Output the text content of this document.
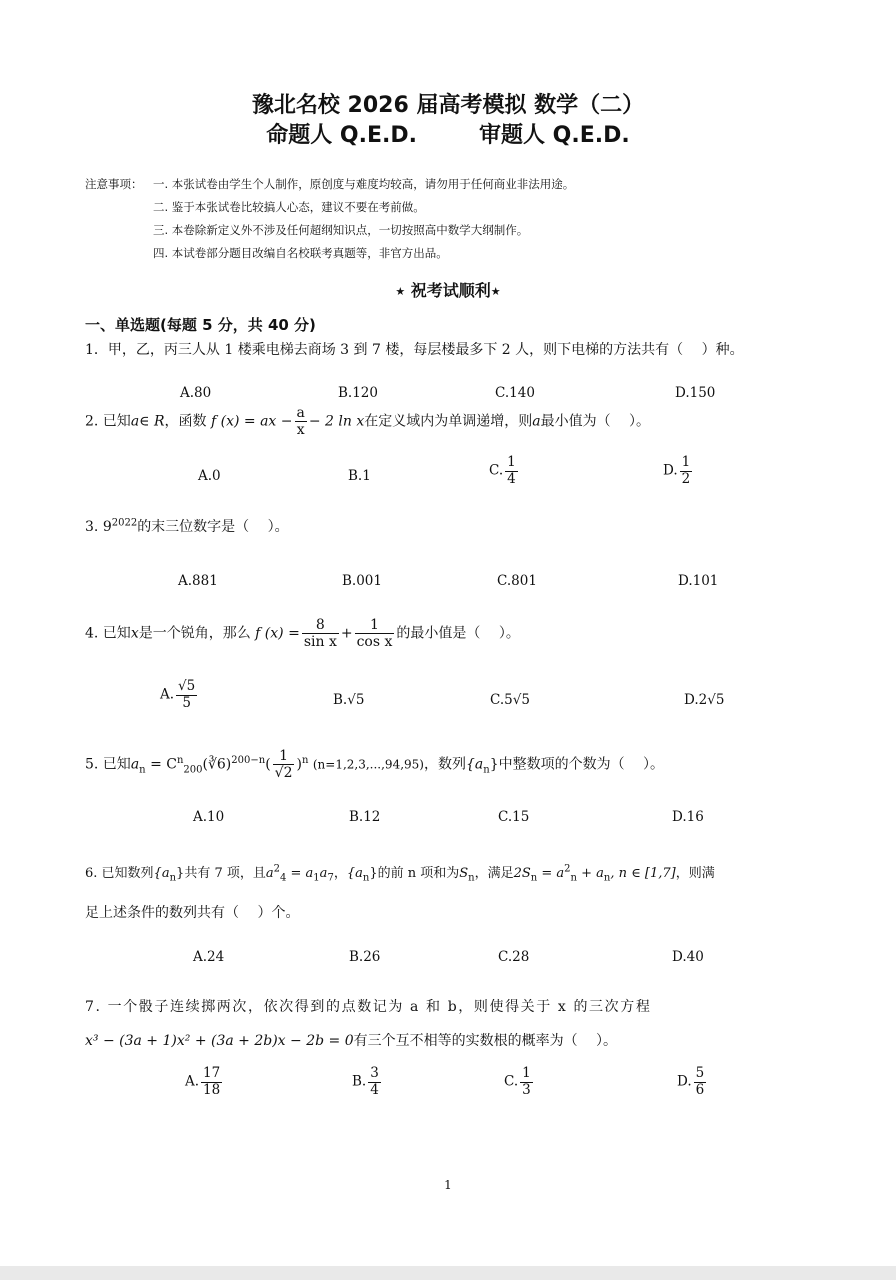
豫北名校 2026 届高考模拟 数学（二）
命题人 Q.E.D.	审题人 Q.E.D.
注意事项： 一. 本张试卷由学生个人制作，原创度与难度均较高，请勿用于任何商业非法用途。
二. 鉴于本张试卷比较搞人心态，建议不要在考前做。
三. 本卷除新定义外不涉及任何超纲知识点，一切按照高中数学大纲制作。
四. 本试卷部分题目改编自名校联考真题等，非官方出品。
★ 祝考试顺利★
一、单选题(每题 5 分，共 40 分)
1．甲，乙，丙三人从 1 楼乘电梯去商场 3 到 7 楼，每层楼最多下 2 人，则下电梯的方法共有（　 ）种。
A.80	B.120	C.140	D.150
2. 已知a∈ R，函数 f (x) = ax − $\frac{a}{x} - 2$ ln x在定义域内为单调递增，则a最小值为（　 ）。
A.0	B.1	C. $\frac{1}{4}$	D. $\frac{1}{2}$
3. $9^{2022}$的末三位数字是（　 ）。
A.881	B.001	C.801	D.101
4. 已知x是一个锐角，那么 f $(x) = \frac{8}{\text{sin x}} + \frac{1}{\text{cos x}}$ 的最小值是（　 ）。
A. $\frac{√5}{5}$	B.√5	C.5√5	D.2√5
5. 已知$a_n$ = $C^n_{200}(∛6)^{200-n}( \frac{1}{√2} )^n$ (n=1,2,3,...,94,95)，数列$\{a_n\}$中整数项的个数为（　 ）。
A.10	B.12	C.15	D.16
6. 已知数列$\{a_n\}$共有 7 项，且$a^2_4 = a_1a_7$，$\{a_n\}$的前 n 项和为$S_n$，满足$2S_n = a^2_n + a_n$, n ∈ [1,7]，则满
足上述条件的数列共有（　 ）个。
A.24	B.26	C.28	D.40
7. 一个骰子连续掷两次，依次得到的点数记为 a 和 b，则使得关于 x 的三次方程
x³ − (3a + 1)x² + (3a + 2b)x − 2b = 0有三个互不相等的实数根的概率为（　 ）。
A. $\frac{17}{18}$	B. $\frac{3}{4}$	C. $\frac{1}{3}$	D. $\frac{5}{6}$
1
